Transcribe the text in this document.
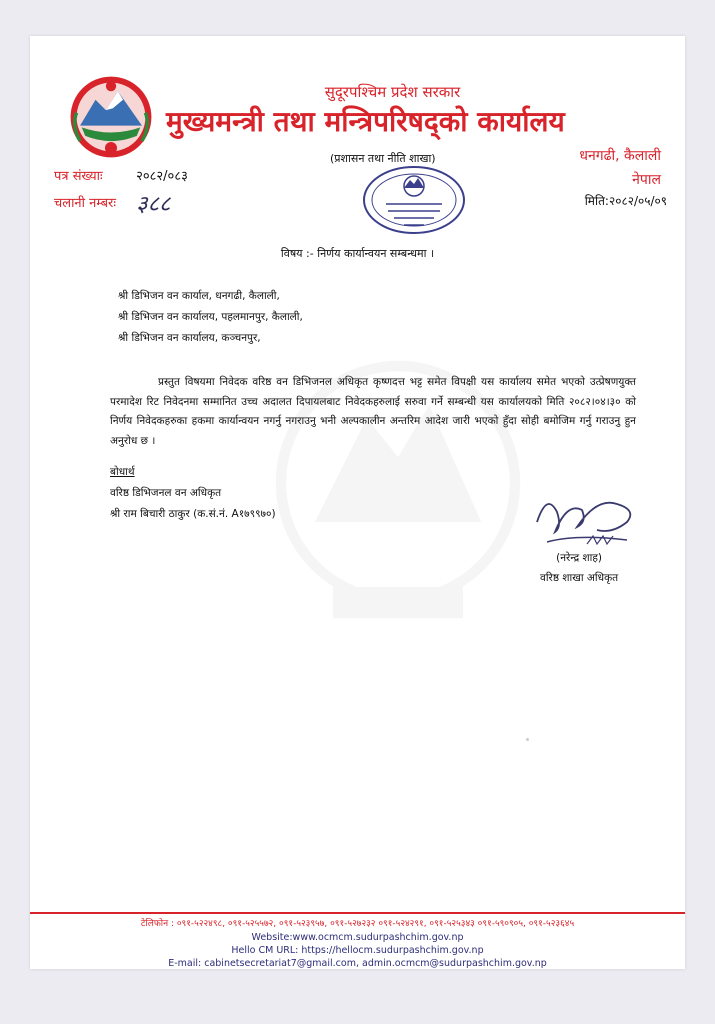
सुदूरपश्चिम प्रदेश सरकार
मुख्यमन्त्री तथा मन्त्रिपरिषद्को कार्यालय
(प्रशासन तथा नीति शाखा)	धनगढी, कैलाली
नेपाल
पत्र संख्याः	२०८२/०८३
चलानी नम्बरः ३८८	मिति:२०८२/०५/०९
विषय :- निर्णय कार्यान्वयन सम्बन्धमा ।
श्री डिभिजन वन कार्याल, धनगढी, कैलाली,
श्री डिभिजन वन कार्यालय, पहलमानपुर, कैलाली,
श्री डिभिजन वन कार्यालय, कञ्चनपुर,
प्रस्तुत विषयमा निवेदक वरिष्ठ वन डिभिजनल अधिकृत कृष्णदत्त भट्ट समेत विपक्षी यस कार्यालय समेत भएको उत्प्रेषणयुक्त परमादेश रिट निवेदनमा सम्मानित उच्च अदालत दिपायलबाट निवेदकहरुलाई सरुवा गर्ने सम्बन्धी यस कार्यालयको मिति २०८२।०४।३० को निर्णय निवेदकहरुका हकमा कार्यान्वयन नगर्नु नगराउनु भनी अल्पकालीन अन्तरिम आदेश जारी भएको हुँदा सोही बमोजिम गर्नु गराउनु हुन अनुरोध छ ।
बोधार्थ
वरिष्ठ डिभिजनल वन अधिकृत
श्री राम बिचारी ठाकुर (क.सं.नं. A१७९९७०)
(नरेन्द्र शाह)
वरिष्ठ शाखा अधिकृत
टेलिफोन : ०९१-५२२४९८, ०९१-५२५५७२, ०९१-५२३९५७, ०९१-५२७२३२ ०९१-५२४२९१, ०९१-५२५३४३ ०९१-५९०९०५, ०९१-५२३६४५
Website:www.ocmcm.sudurpashchim.gov.np
Hello CM URL: https://hellocm.sudurpashchim.gov.np
E-mail: cabinetsecretariat7@gmail.com, admin.ocmcm@sudurpashchim.gov.np
